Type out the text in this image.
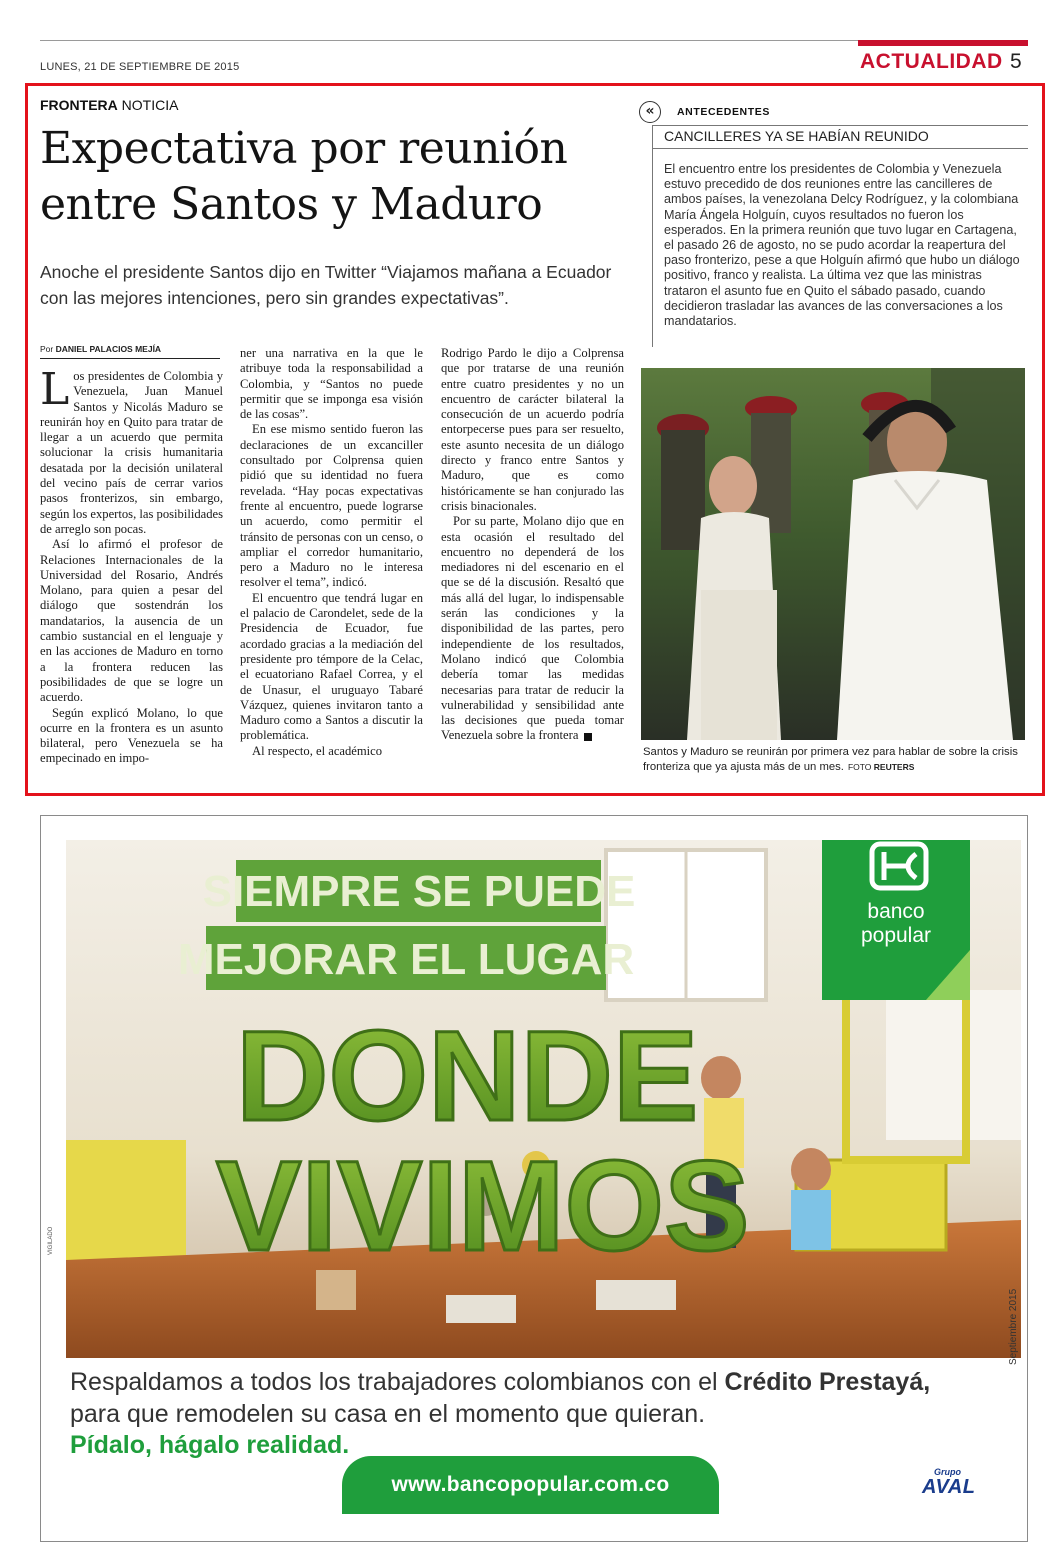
LUNES, 21 DE SEPTIEMBRE DE 2015	ACTUALIDAD 5
FRONTERA NOTICIA
Expectativa por reunión entre Santos y Maduro
Anoche el presidente Santos dijo en Twitter “Viajamos mañana a Ecuador con las mejores intenciones, pero sin grandes expectativas”.
Por DANIEL PALACIOS MEJÍA

Los presidentes de Colombia y Venezuela, Juan Manuel Santos y Nicolás Maduro se reunirán hoy en Quito para tratar de llegar a un acuerdo que permita solucionar la crisis humanitaria desatada por la decisión unilateral del vecino país de cerrar varios pasos fronterizos, sin embargo, según los expertos, las posibilidades de arreglo son pocas.

Así lo afirmó el profesor de Relaciones Internacionales de la Universidad del Rosario, Andrés Molano, para quien a pesar del diálogo que sostendrán los mandatarios, la ausencia de un cambio sustancial en el lenguaje y en las acciones de Maduro en torno a la frontera reducen las posibilidades de que se logre un acuerdo.

Según explicó Molano, lo que ocurre en la frontera es un asunto bilateral, pero Venezuela se ha empecinado en impo-

ner una narrativa en la que le atribuye toda la responsabilidad a Colombia, y “Santos no puede permitir que se imponga esa visión de las cosas”.

En ese mismo sentido fueron las declaraciones de un excanciller consultado por Colprensa quien pidió que su identidad no fuera revelada. “Hay pocas expectativas frente al encuentro, puede lograrse un acuerdo, como permitir el tránsito de personas con un censo, o ampliar el corredor humanitario, pero a Maduro no le interesa resolver el tema”, indicó.

El encuentro que tendrá lugar en el palacio de Carondelet, sede de la Presidencia de Ecuador, fue acordado gracias a la mediación del presidente pro témpore de la Celac, el ecuatoriano Rafael Correa, y el de Unasur, el uruguayo Tabaré Vázquez, quienes invitaron tanto a Maduro como a Santos a discutir la problemática.

Al respecto, el académico

Rodrigo Pardo le dijo a Colprensa que por tratarse de una reunión entre cuatro presidentes y no un encuentro de carácter bilateral la consecución de un acuerdo podría entorpecerse pues para ser resuelto, este asunto necesita de un diálogo directo y franco entre Santos y Maduro, que es como históricamente se han conjurado las crisis binacionales.

Por su parte, Molano dijo que en esta ocasión el resultado del encuentro no dependerá de los mediadores ni del escenario en el que se dé la discusión. Resaltó que más allá del lugar, lo indispensable serán las condiciones y la disponibilidad de las partes, pero independiente de los resultados, Molano indicó que Colombia debería tomar las medidas necesarias para tratar de reducir la vulnerabilidad y sensibilidad ante las decisiones que pueda tomar Venezuela sobre la frontera

«	ANTECEDENTES
CANCILLERES YA SE HABÍAN REUNIDO
El encuentro entre los presidentes de Colombia y Venezuela estuvo precedido de dos reuniones entre las cancilleres de ambos países, la venezolana Delcy Rodríguez, y la colombiana María Ángela Holguín, cuyos resultados no fueron los esperados. En la primera reunión que tuvo lugar en Cartagena, el pasado 26 de agosto, no se pudo acordar la reapertura del paso fronterizo, pese a que Holguín afirmó que hubo un diálogo positivo, franco y realista. La última vez que las ministras trataron el asunto fue en Quito el sábado pasado, cuando decidieron trasladar las avances de las conversaciones a los mandatarios.
Santos y Maduro se reunirán por primera vez para hablar de sobre la crisis fronteriza que ya ajusta más de un mes. FOTO REUTERS
SIEMPRE SE PUEDE
MEJORAR EL LUGAR
DONDE
VIVIMOS
banco
popular
VIGILADO
Septiembre 2015
Respaldamos a todos los trabajadores colombianos con el Crédito Prestayá,
para que remodelen su casa en el momento que quieran.
Pídalo, hágalo realidad.
www.bancopopular.com.co
Grupo
AVAL
